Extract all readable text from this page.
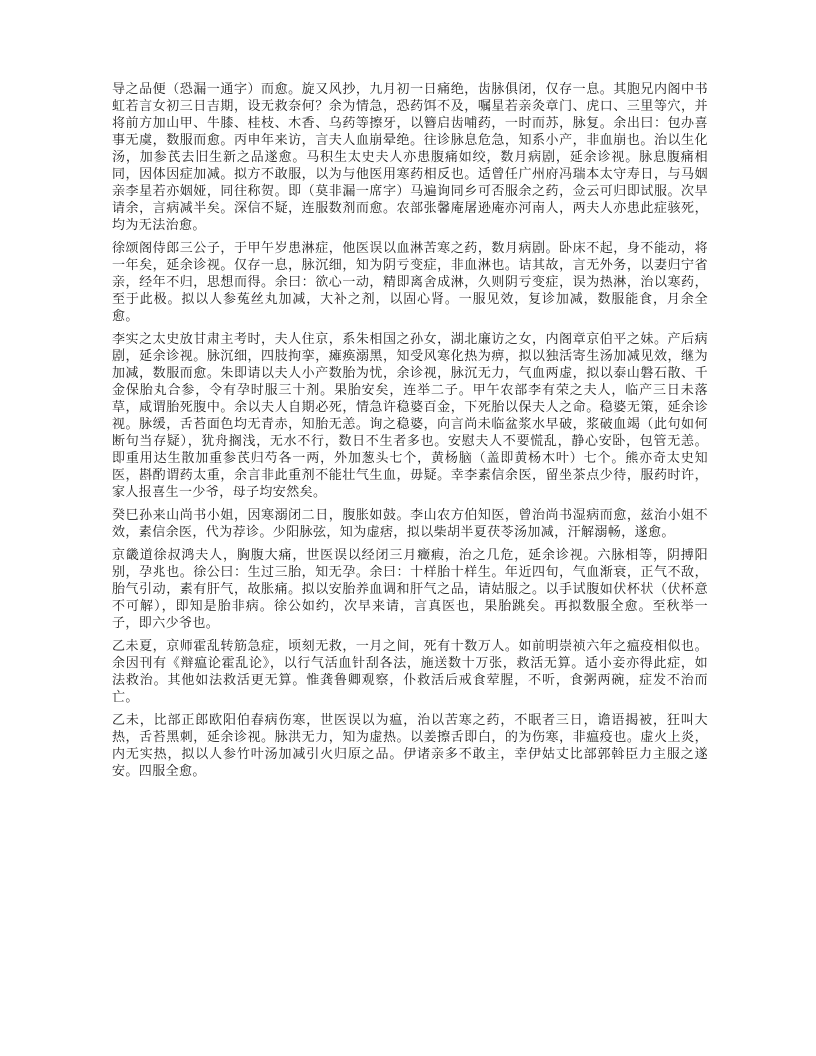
导之品便（恐漏一通字）而愈。旋又风抄，九月初一日痛绝，齿脉俱闭，仅存一息。其胞兄内阁中书虹若言女初三日吉期，设无救奈何？余为情急，恐药饵不及，嘱星若亲灸章门、虎口、三里等穴，并将前方加山甲、牛膝、桂枝、木香、乌药等擦牙，以簪启齿哺药，一时而苏，脉复。余出曰：包办喜事无虞，数服而愈。丙申年来访，言夫人血崩晕绝。往诊脉息危急，知系小产，非血崩也。治以生化汤，加参芪去旧生新之品遂愈。马积生太史夫人亦患腹痛如绞，数月病剧，延余诊视。脉息腹痛相同，因体因症加减。拟方不敢服，以为与他医用寒药相反也。适曾任广州府冯瑞本太守寿日，与马姻亲李星若亦姻娅，同往称贺。即（莫非漏一席字）马遍询同乡可否服余之药，佥云可归即试服。次早请余，言病减半矣。深信不疑，连服数剂而愈。农部张馨庵屠逊庵亦河南人，两夫人亦患此症骇死，均为无法治愈。

徐颂阁侍郎三公子，于甲午岁患淋症，他医误以血淋苦寒之药，数月病剧。卧床不起，身不能动，将一年矣，延余诊视。仅存一息，脉沉细，知为阴亏变症，非血淋也。诘其故，言无外务，以妻归宁省亲，经年不归，思想而得。余曰：欲心一动，精即离舍成淋，久则阴亏变症，误为热淋，治以寒药，至于此极。拟以人参菟丝丸加减，大补之剂，以固心肾。一服见效，复诊加减，数服能食，月余全愈。

李实之太史放甘肃主考时，夫人住京，系朱相国之孙女，湖北廉访之女，内阁章京伯平之妹。产后病剧，延余诊视。脉沉细，四肢拘挛，瘫痪溺黑，知受风寒化热为痹，拟以独活寄生汤加减见效，继为加减，数服而愈。朱即请以夫人小产数胎为忧，余诊视，脉沉无力，气血两虚，拟以泰山磐石散、千金保胎丸合参，令有孕时服三十剂。果胎安矣，连举二子。甲午农部李有荣之夫人，临产三日未落草，咸谓胎死腹中。余以夫人自期必死，情急许稳婆百金，下死胎以保夫人之命。稳婆无策，延余诊视。脉缓，舌苔面色均无青赤，知胎无恙。询之稳婆，向言尚未临盆浆水早破，浆破血竭（此句如何断句当存疑），犹舟搁浅，无水不行，数日不生者多也。安慰夫人不要慌乱，静心安卧，包管无恙。即重用达生散加重参芪归芍各一两，外加葱头七个，黄杨脑（盖即黄杨木叶）七个。熊亦奇太史知医，斟酌谓药太重，余言非此重剂不能壮气生血，毋疑。幸李素信余医，留坐茶点少待，服药时许，家人报喜生一少爷，母子均安然矣。

癸巳孙来山尚书小姐，因寒溺闭二日，腹胀如鼓。李山农方伯知医，曾治尚书湿病而愈，兹治小姐不效，素信余医，代为荐诊。少阳脉弦，知为虚痞，拟以柴胡半夏茯苓汤加减，汗解溺畅，遂愈。

京畿道徐叔鸿夫人，胸腹大痛，世医误以经闭三月癥瘕，治之几危，延余诊视。六脉相等，阴搏阳别，孕兆也。徐公曰：生过三胎，知无孕。余曰：十样胎十样生。年近四旬，气血渐衰，正气不敌，胎气引动，素有肝气，故胀痛。拟以安胎养血调和肝气之品，请姑服之。以手试腹如伏杯状（伏杯意不可解），即知是胎非病。徐公如约，次早来请，言真医也，果胎跳矣。再拟数服全愈。至秋举一子，即六少爷也。

乙未夏，京师霍乱转筋急症，顷刻无救，一月之间，死有十数万人。如前明崇祯六年之瘟疫相似也。余因刊有《辩瘟论霍乱论》，以行气活血针刮各法，施送数十万张，救活无算。适小妾亦得此症，如法救治。其他如法救活更无算。惟龚鲁卿观察，仆救活后戒食荤腥，不听，食粥两碗，症发不治而亡。

乙未，比部正郎欧阳伯春病伤寒，世医误以为瘟，治以苦寒之药，不眠者三日，谵语揭被，狂叫大热，舌苔黑刺，延余诊视。脉洪无力，知为虚热。以姜擦舌即白，的为伤寒，非瘟疫也。虚火上炎，内无实热，拟以人参竹叶汤加减引火归原之品。伊诸亲多不敢主，幸伊姑丈比部郭斡臣力主服之遂安。四服全愈。
